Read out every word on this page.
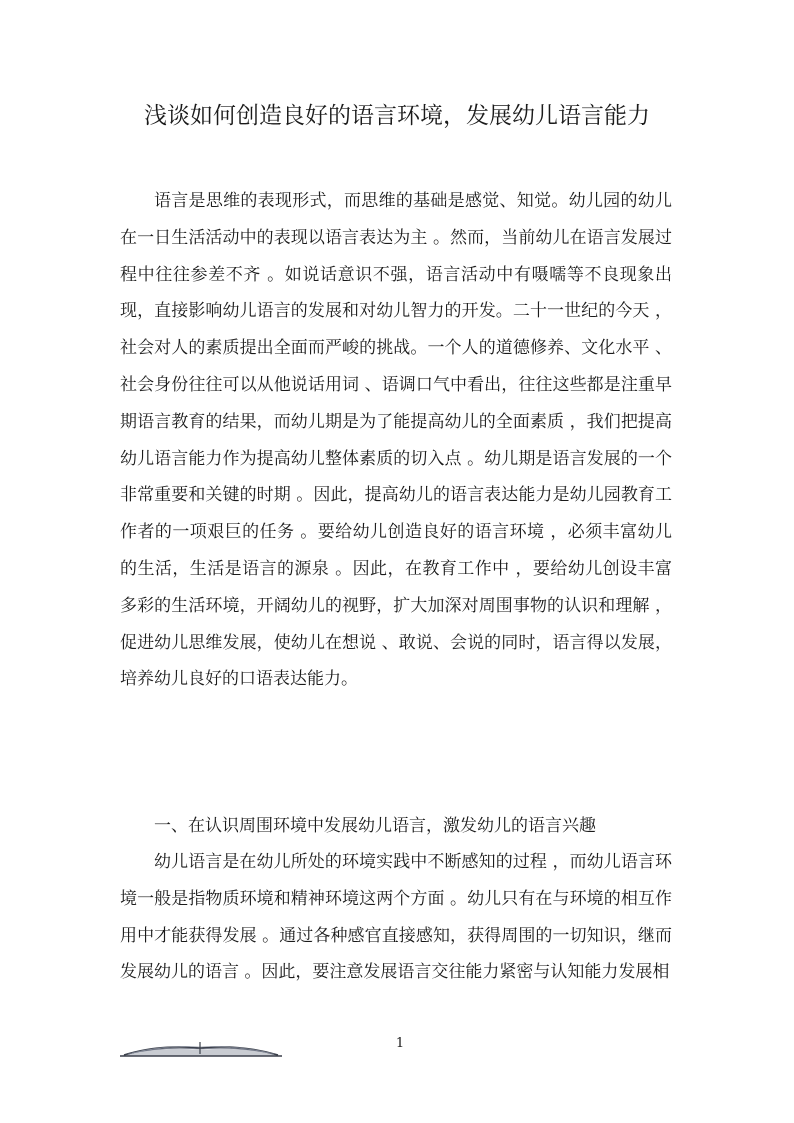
浅谈如何创造良好的语言环境，发展幼儿语言能力

语言是思维的表现形式，而思维的基础是感觉、知觉。幼儿园的幼儿在一日生活活动中的表现以语言表达为主 。然而，当前幼儿在语言发展过程中往往参差不齐 。如说话意识不强，语言活动中有嗫嚅等不良现象出现，直接影响幼儿语言的发展和对幼儿智力的开发。二十一世纪的今天 ，社会对人的素质提出全面而严峻的挑战。一个人的道德修养、文化水平 、社会身份往往可以从他说话用词 、语调口气中看出，往往这些都是注重早期语言教育的结果，而幼儿期是为了能提高幼儿的全面素质 ，我们把提高幼儿语言能力作为提高幼儿整体素质的切入点 。幼儿期是语言发展的一个非常重要和关键的时期 。因此，提高幼儿的语言表达能力是幼儿园教育工作者的一项艰巨的任务 。要给幼儿创造良好的语言环境 ，必须丰富幼儿的生活，生活是语言的源泉 。因此，在教育工作中 ，要给幼儿创设丰富多彩的生活环境，开阔幼儿的视野，扩大加深对周围事物的认识和理解 ，促进幼儿思维发展，使幼儿在想说 、敢说、会说的同时，语言得以发展，培养幼儿良好的口语表达能力。

一、在认识周围环境中发展幼儿语言，激发幼儿的语言兴趣

幼儿语言是在幼儿所处的环境实践中不断感知的过程 ，而幼儿语言环境一般是指物质环境和精神环境这两个方面 。幼儿只有在与环境的相互作用中才能获得发展 。通过各种感官直接感知，获得周围的一切知识，继而发展幼儿的语言 。因此，要注意发展语言交往能力紧密与认知能力发展相

1
